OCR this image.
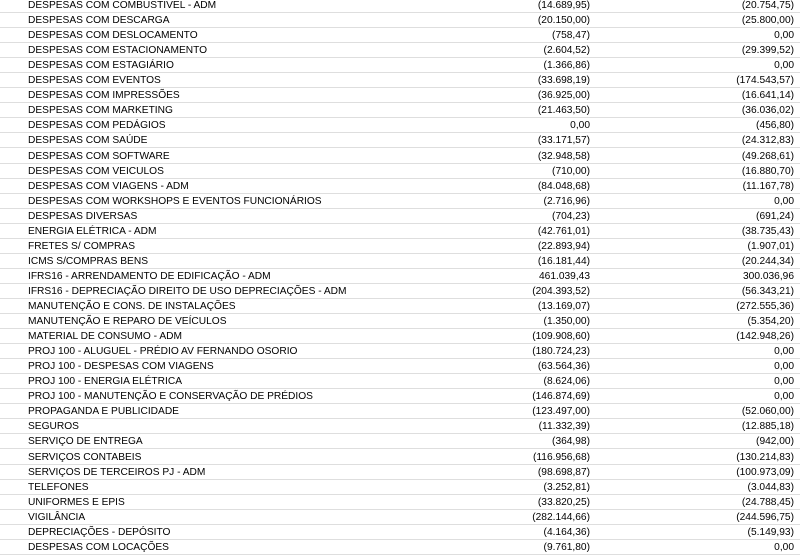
DESPESAS COM COMBUSTIVEL - ADM	(14.689,95)	(20.754,75)
DESPESAS COM DESCARGA	(20.150,00)	(25.800,00)
DESPESAS COM DESLOCAMENTO	(758,47)	0,00
DESPESAS COM ESTACIONAMENTO	(2.604,52)	(29.399,52)
DESPESAS COM ESTAGIÁRIO	(1.366,86)	0,00
DESPESAS COM EVENTOS	(33.698,19)	(174.543,57)
DESPESAS COM IMPRESSÕES	(36.925,00)	(16.641,14)
DESPESAS COM MARKETING	(21.463,50)	(36.036,02)
DESPESAS COM PEDÁGIOS	0,00	(456,80)
DESPESAS COM SAÚDE	(33.171,57)	(24.312,83)
DESPESAS COM SOFTWARE	(32.948,58)	(49.268,61)
DESPESAS COM VEICULOS	(710,00)	(16.880,70)
DESPESAS COM VIAGENS - ADM	(84.048,68)	(11.167,78)
DESPESAS COM WORKSHOPS E EVENTOS FUNCIONÁRIOS	(2.716,96)	0,00
DESPESAS DIVERSAS	(704,23)	(691,24)
ENERGIA ELÉTRICA - ADM	(42.761,01)	(38.735,43)
FRETES S/ COMPRAS	(22.893,94)	(1.907,01)
ICMS S/COMPRAS BENS	(16.181,44)	(20.244,34)
IFRS16 - ARRENDAMENTO DE EDIFICAÇÃO - ADM	461.039,43	300.036,96
IFRS16 - DEPRECIAÇÃO DIREITO DE USO DEPRECIAÇÕES - ADM	(204.393,52)	(56.343,21)
MANUTENÇÃO E CONS. DE INSTALAÇÕES	(13.169,07)	(272.555,36)
MANUTENÇÃO E REPARO DE VEÍCULOS	(1.350,00)	(5.354,20)
MATERIAL DE CONSUMO - ADM	(109.908,60)	(142.948,26)
PROJ 100 - ALUGUEL - PRÉDIO AV FERNANDO OSORIO	(180.724,23)	0,00
PROJ 100 - DESPESAS COM VIAGENS	(63.564,36)	0,00
PROJ 100 - ENERGIA ELÉTRICA	(8.624,06)	0,00
PROJ 100 - MANUTENÇÃO E CONSERVAÇÃO DE PRÉDIOS	(146.874,69)	0,00
PROPAGANDA E PUBLICIDADE	(123.497,00)	(52.060,00)
SEGUROS	(11.332,39)	(12.885,18)
SERVIÇO DE ENTREGA	(364,98)	(942,00)
SERVIÇOS CONTABEIS	(116.956,68)	(130.214,83)
SERVIÇOS DE TERCEIROS PJ - ADM	(98.698,87)	(100.973,09)
TELEFONES	(3.252,81)	(3.044,83)
UNIFORMES E EPIS	(33.820,25)	(24.788,45)
VIGILÂNCIA	(282.144,66)	(244.596,75)
DEPRECIAÇÕES - DEPÓSITO	(4.164,36)	(5.149,93)
DESPESAS COM LOCAÇÕES	(9.761,80)	0,00
